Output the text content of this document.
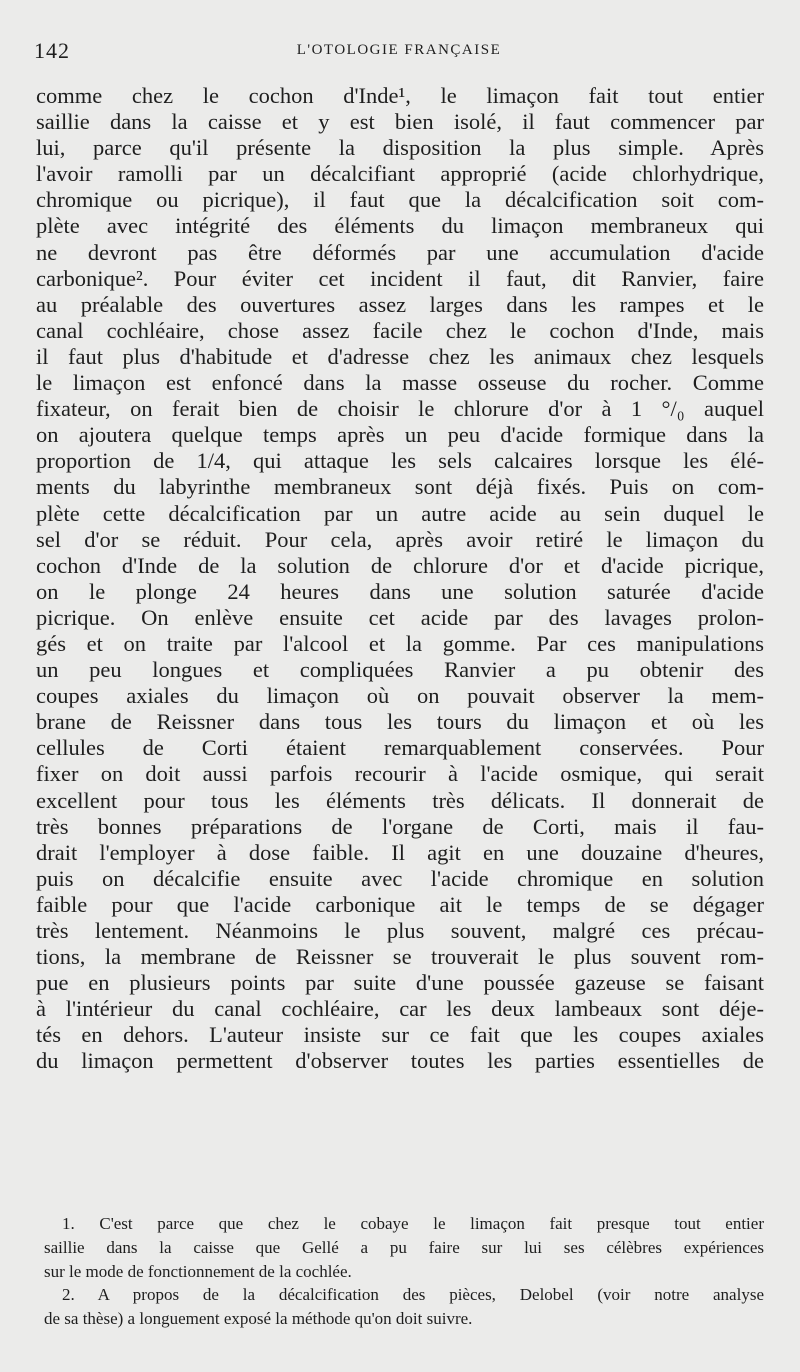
142	L'OTOLOGIE FRANÇAISE
comme chez le cochon d'Inde¹, le limaçon fait tout entier
saillie dans la caisse et y est bien isolé, il faut commencer par
lui, parce qu'il présente la disposition la plus simple. Après
l'avoir ramolli par un décalcifiant approprié (acide chlorhydrique,
chromique ou picrique), il faut que la décalcification soit com-
plète avec intégrité des éléments du limaçon membraneux qui
ne devront pas être déformés par une accumulation d'acide
carbonique². Pour éviter cet incident il faut, dit Ranvier, faire
au préalable des ouvertures assez larges dans les rampes et le
canal cochléaire, chose assez facile chez le cochon d'Inde, mais
il faut plus d'habitude et d'adresse chez les animaux chez lesquels
le limaçon est enfoncé dans la masse osseuse du rocher. Comme
fixateur, on ferait bien de choisir le chlorure d'or à 1 °/₀ auquel
on ajoutera quelque temps après un peu d'acide formique dans la
proportion de 1/4, qui attaque les sels calcaires lorsque les élé-
ments du labyrinthe membraneux sont déjà fixés. Puis on com-
plète cette décalcification par un autre acide au sein duquel le
sel d'or se réduit. Pour cela, après avoir retiré le limaçon du
cochon d'Inde de la solution de chlorure d'or et d'acide picrique,
on le plonge 24 heures dans une solution saturée d'acide
picrique. On enlève ensuite cet acide par des lavages prolon-
gés et on traite par l'alcool et la gomme. Par ces manipulations
un peu longues et compliquées Ranvier a pu obtenir des
coupes axiales du limaçon où on pouvait observer la mem-
brane de Reissner dans tous les tours du limaçon et où les
cellules de Corti étaient remarquablement conservées. Pour
fixer on doit aussi parfois recourir à l'acide osmique, qui serait
excellent pour tous les éléments très délicats. Il donnerait de
très bonnes préparations de l'organe de Corti, mais il fau-
drait l'employer à dose faible. Il agit en une douzaine d'heures,
puis on décalcifie ensuite avec l'acide chromique en solution
faible pour que l'acide carbonique ait le temps de se dégager
très lentement. Néanmoins le plus souvent, malgré ces précau-
tions, la membrane de Reissner se trouverait le plus souvent rom-
pue en plusieurs points par suite d'une poussée gazeuse se faisant
à l'intérieur du canal cochléaire, car les deux lambeaux sont déje-
tés en dehors. L'auteur insiste sur ce fait que les coupes axiales
du limaçon permettent d'observer toutes les parties essentielles de
1. C'est parce que chez le cobaye le limaçon fait presque tout entier
saillie dans la caisse que Gellé a pu faire sur lui ses célèbres expériences
sur le mode de fonctionnement de la cochlée.
2. A propos de la décalcification des pièces, Delobel (voir notre analyse
de sa thèse) a longuement exposé la méthode qu'on doit suivre.
